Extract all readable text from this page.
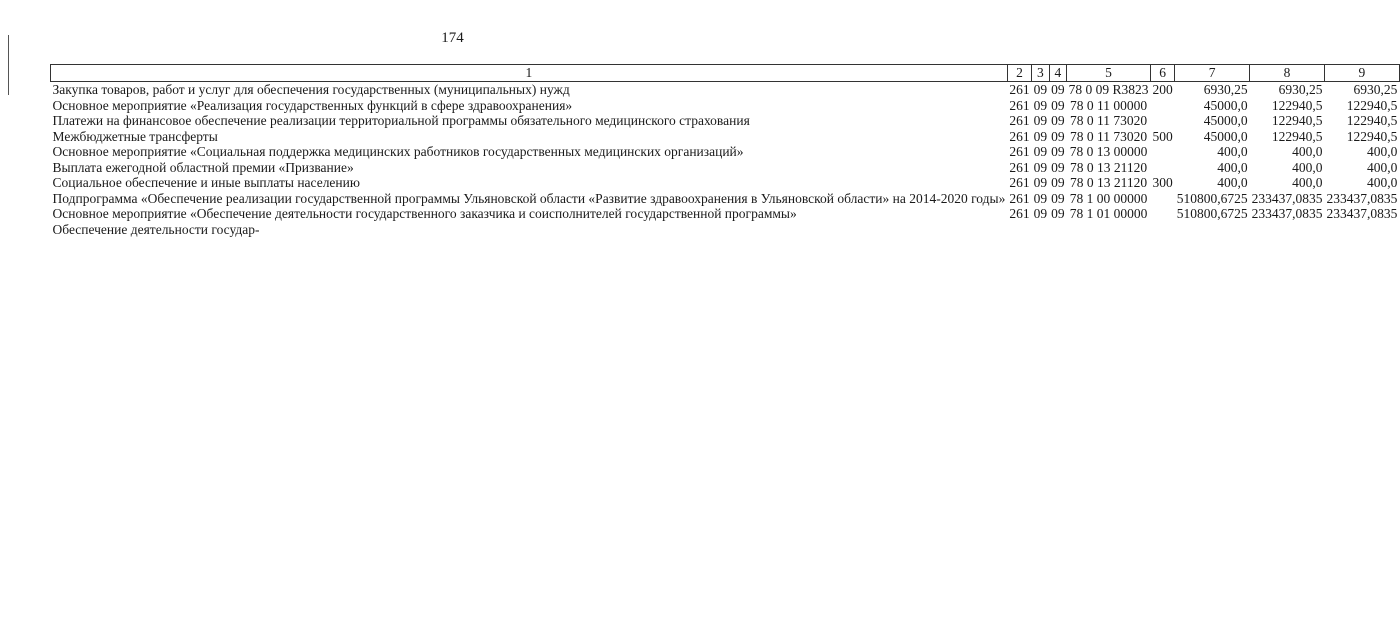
174
1	2	3	4	5	6	7	8	9
Закупка товаров, работ и услуг для обеспечения государственных (муниципальных) нужд	261	09	09	78 0 09 R3823	200	6930,25	6930,25	6930,25
Основное мероприятие «Реализация государственных функций в сфере здравоохранения»	261	09	09	78 0 11 00000		45000,0	122940,5	122940,5
Платежи на финансовое обеспечение реализации территориальной программы обязательного медицинского страхования	261	09	09	78 0 11 73020		45000,0	122940,5	122940,5
Межбюджетные трансферты	261	09	09	78 0 11 73020	500	45000,0	122940,5	122940,5
Основное мероприятие «Социальная поддержка медицинских работников государственных медицинских организаций»	261	09	09	78 0 13 00000		400,0	400,0	400,0
Выплата ежегодной областной премии «Призвание»	261	09	09	78 0 13 21120		400,0	400,0	400,0
Социальное обеспечение и иные выплаты населению	261	09	09	78 0 13 21120	300	400,0	400,0	400,0
Подпрограмма «Обеспечение реализации государственной программы Ульяновской области «Развитие здравоохранения в Ульяновской области» на 2014-2020 годы»	261	09	09	78 1 00 00000		510800,6725	233437,0835	233437,0835
Основное мероприятие «Обеспечение деятельности государственного заказчика и соисполнителей государственной программы»	261	09	09	78 1 01 00000		510800,6725	233437,0835	233437,0835
Обеспечение деятельности государ-								
